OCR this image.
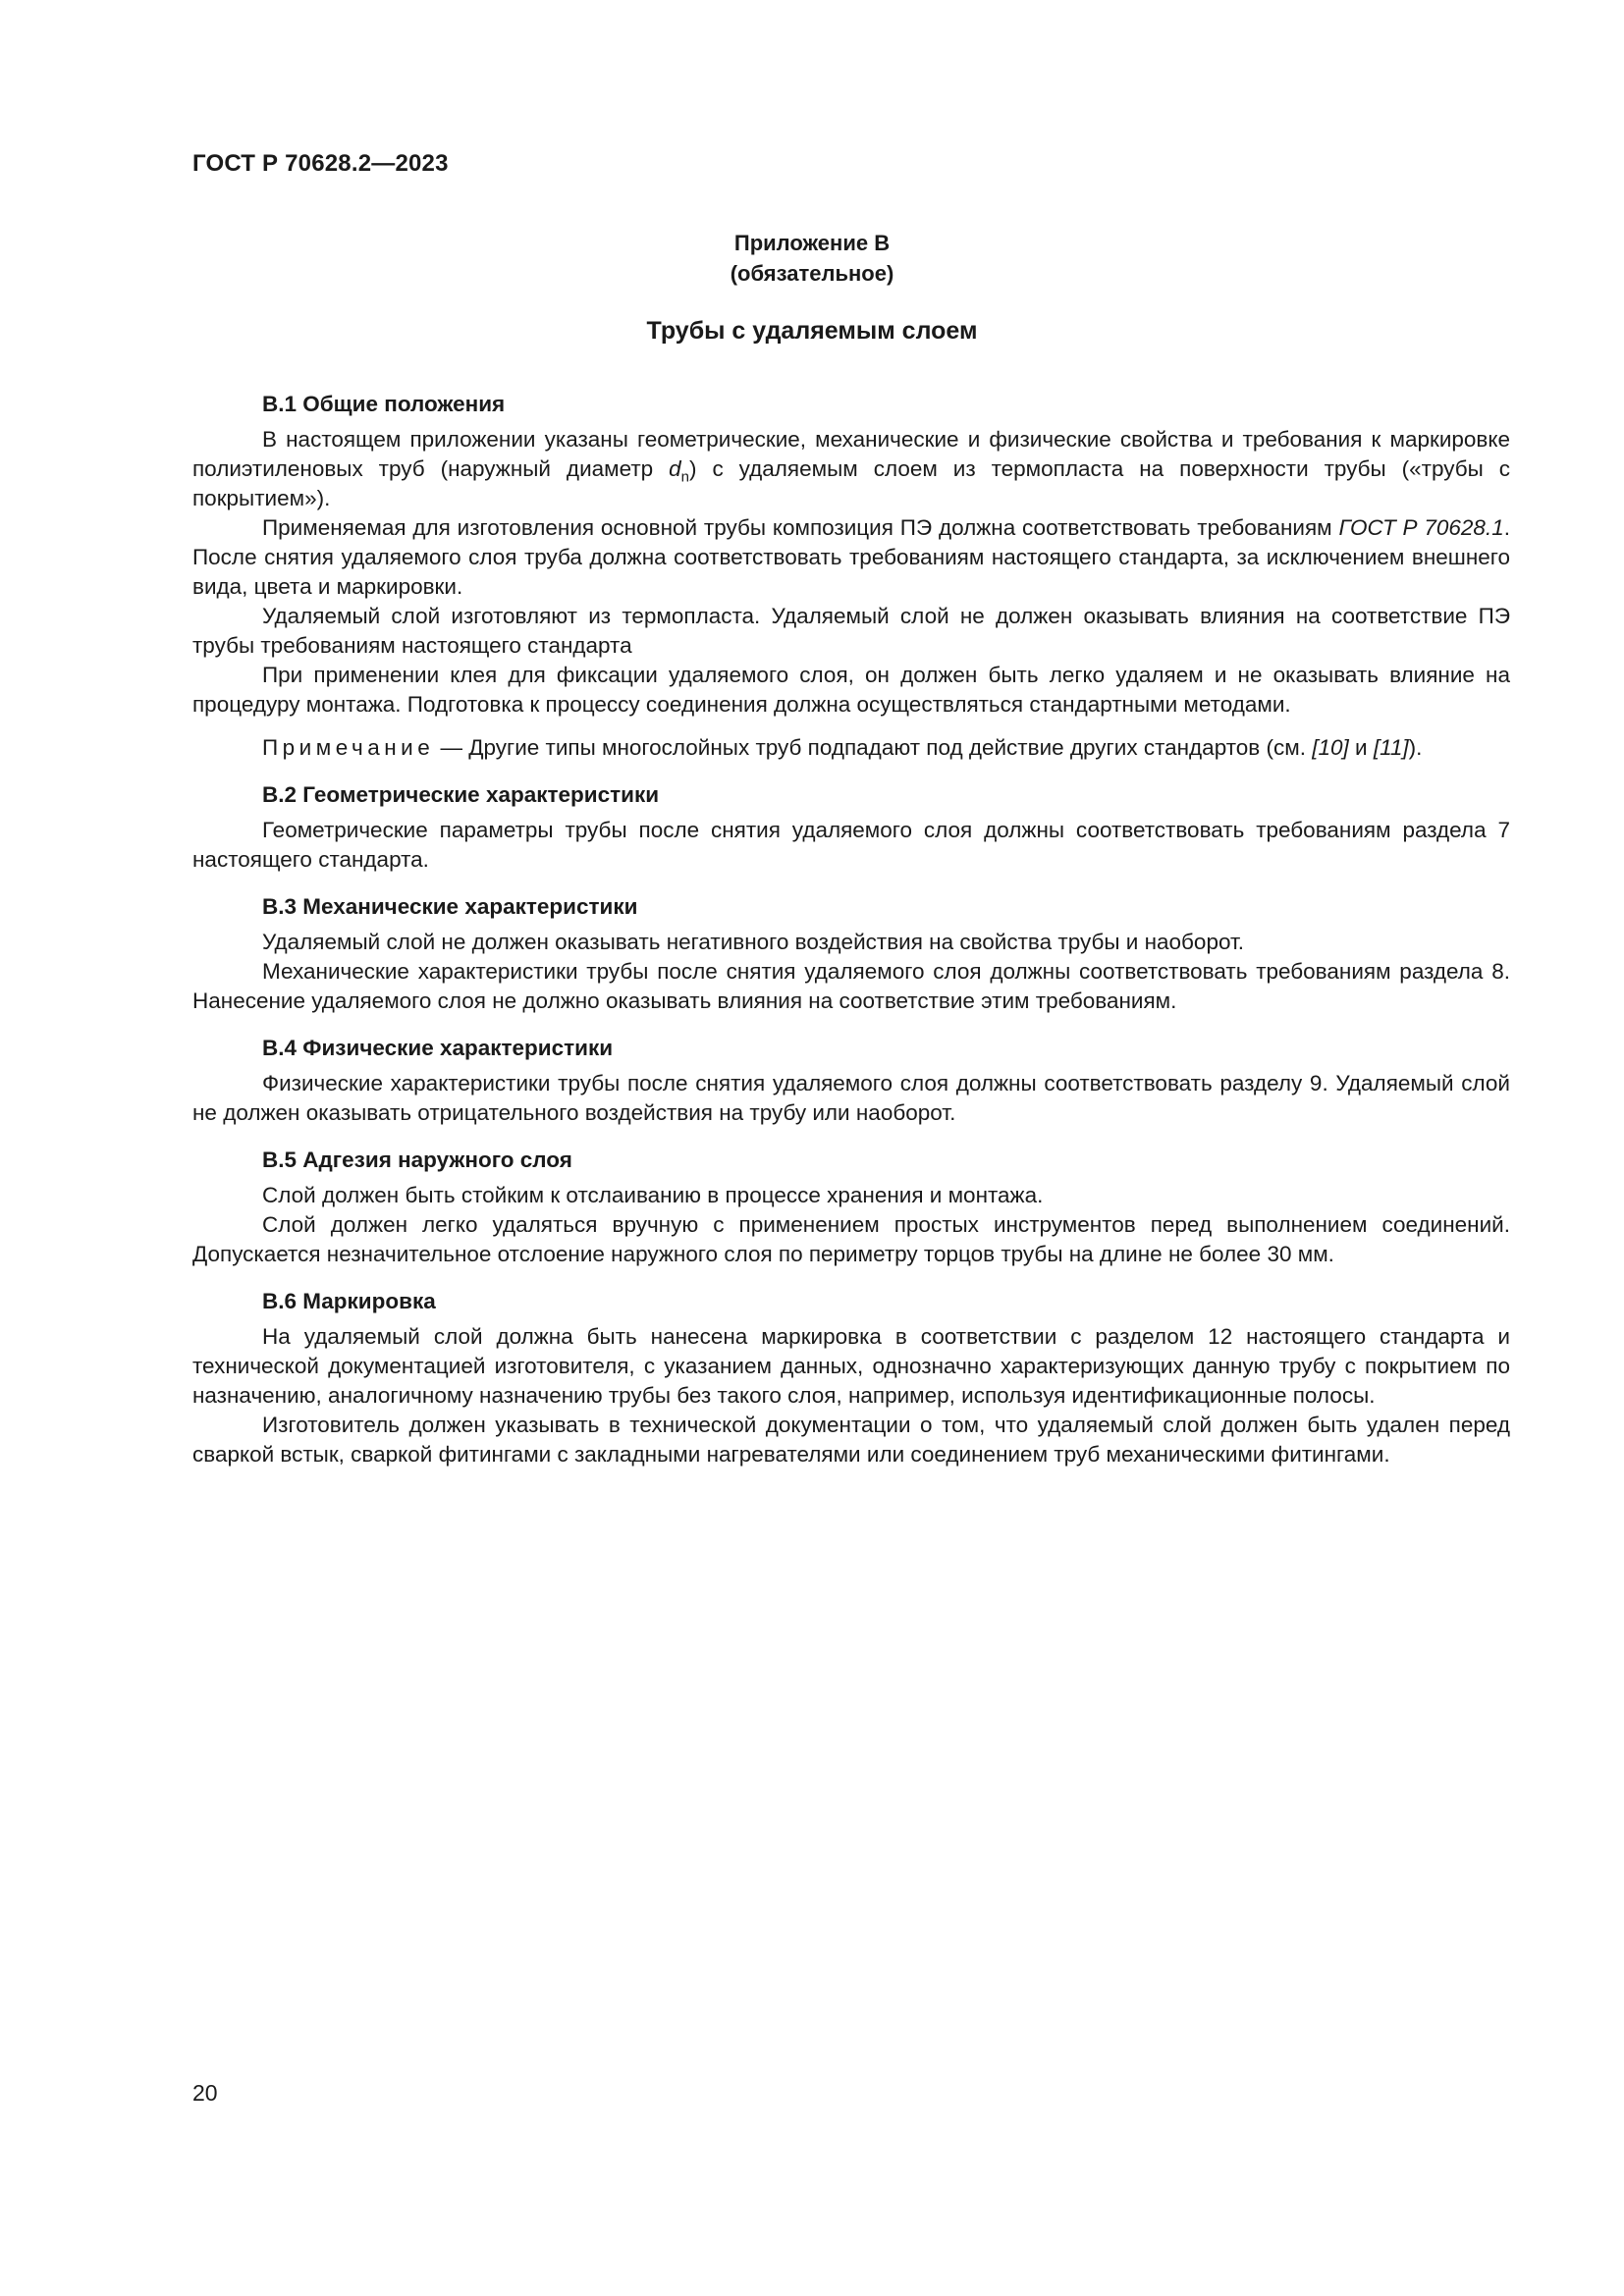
ГОСТ Р 70628.2—2023
Приложение В
(обязательное)
Трубы с удаляемым слоем
В.1 Общие положения

В настоящем приложении указаны геометрические, механические и физические свойства и требования к маркировке полиэтиленовых труб (наружный диаметр $d_n$) с удаляемым слоем из термопласта на поверхности трубы («трубы с покрытием»).

Применяемая для изготовления основной трубы композиция ПЭ должна соответствовать требованиям ГОСТ Р 70628.1. После снятия удаляемого слоя труба должна соответствовать требованиям настоящего стандарта, за исключением внешнего вида, цвета и маркировки.

Удаляемый слой изготовляют из термопласта. Удаляемый слой не должен оказывать влияния на соответствие ПЭ трубы требованиям настоящего стандарта

При применении клея для фиксации удаляемого слоя, он должен быть легко удаляем и не оказывать влияние на процедуру монтажа. Подготовка к процессу соединения должна осуществляться стандартными методами.

Примечание — Другие типы многослойных труб подпадают под действие других стандартов (см. [10] и [11]).

В.2 Геометрические характеристики

Геометрические параметры трубы после снятия удаляемого слоя должны соответствовать требованиям раздела 7 настоящего стандарта.

В.3 Механические характеристики

Удаляемый слой не должен оказывать негативного воздействия на свойства трубы и наоборот.

Механические характеристики трубы после снятия удаляемого слоя должны соответствовать требованиям раздела 8. Нанесение удаляемого слоя не должно оказывать влияния на соответствие этим требованиям.

В.4 Физические характеристики

Физические характеристики трубы после снятия удаляемого слоя должны соответствовать разделу 9. Удаляемый слой не должен оказывать отрицательного воздействия на трубу или наоборот.

В.5 Адгезия наружного слоя

Слой должен быть стойким к отслаиванию в процессе хранения и монтажа.

Слой должен легко удаляться вручную с применением простых инструментов перед выполнением соединений. Допускается незначительное отслоение наружного слоя по периметру торцов трубы на длине не более 30 мм.

В.6 Маркировка

На удаляемый слой должна быть нанесена маркировка в соответствии с разделом 12 настоящего стандарта и технической документацией изготовителя, с указанием данных, однозначно характеризующих данную трубу с покрытием по назначению, аналогичному назначению трубы без такого слоя, например, используя идентификационные полосы.

Изготовитель должен указывать в технической документации о том, что удаляемый слой должен быть удален перед сваркой встык, сваркой фитингами с закладными нагревателями или соединением труб механическими фитингами.

20
